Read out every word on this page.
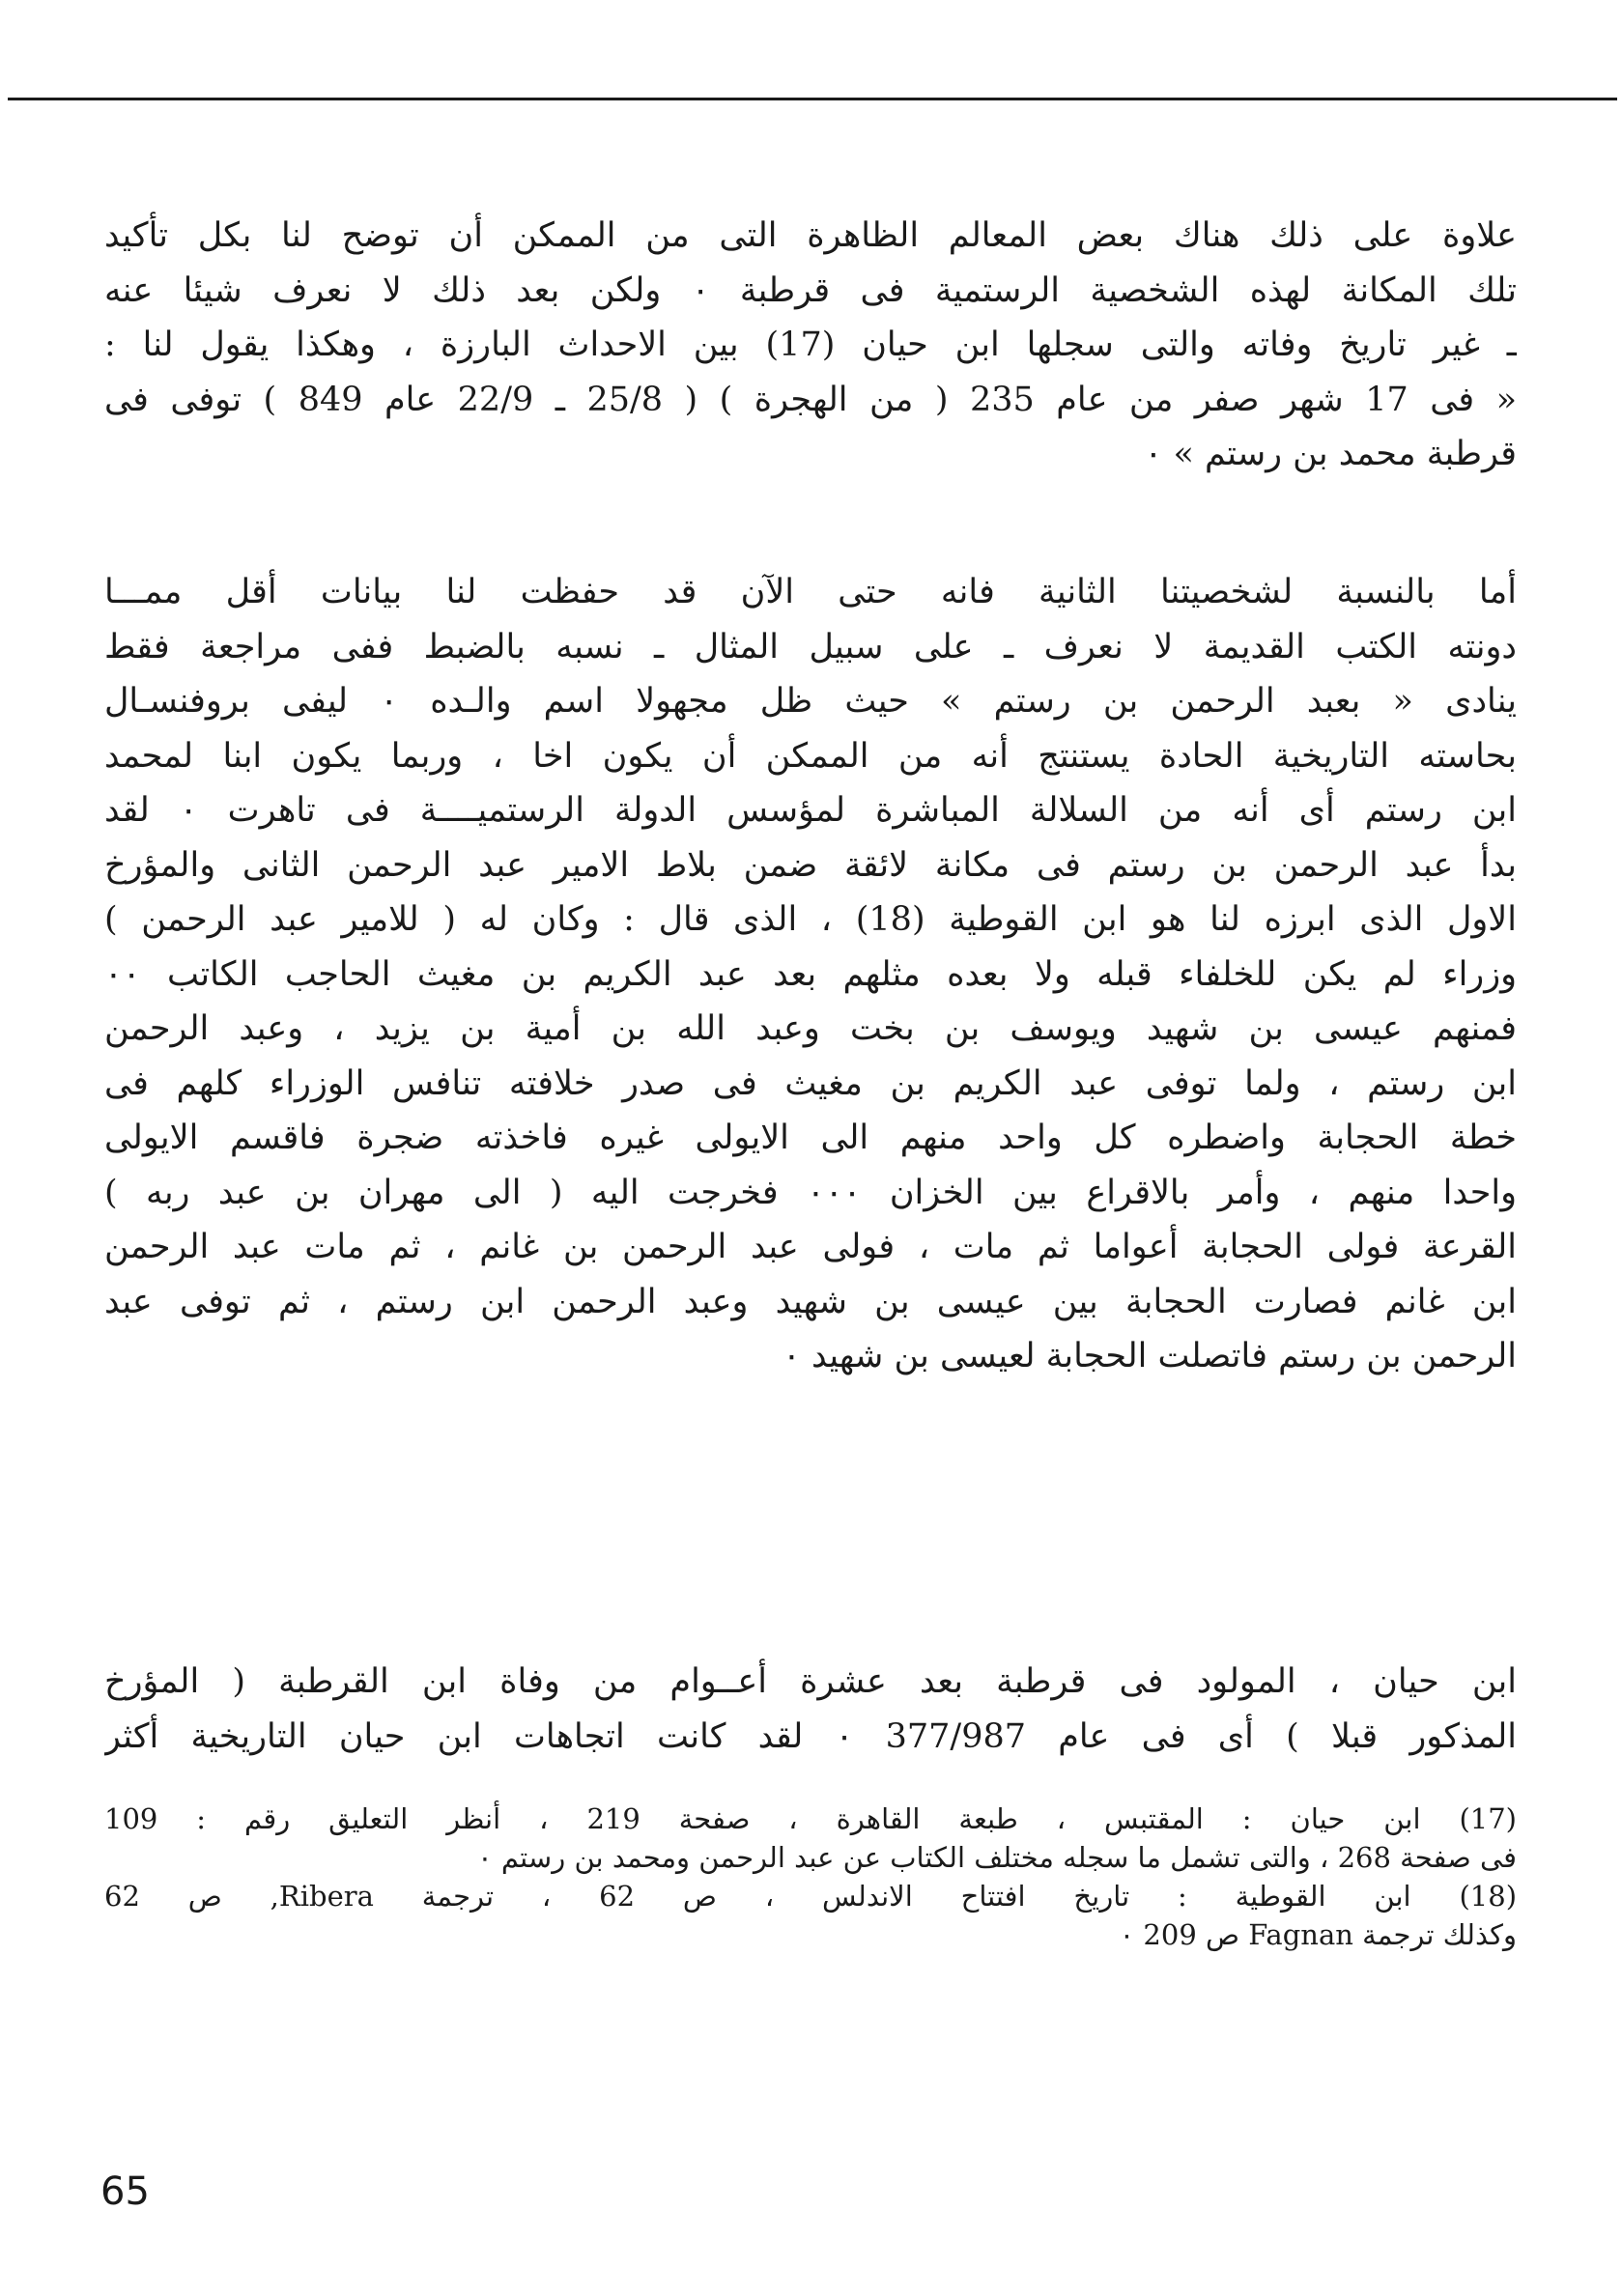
علاوة على ذلك هناك بعض المعالم الظاهرة التى من الممكن أن توضح لنا بكل تأكيد
تلك المكانة لهذه الشخصية الرستمية فى قرطبة ٠ ولكن بعد ذلك لا نعرف شيئا عنه
ـ غير تاريخ وفاته والتى سجلها ابن حيان (17) بين الاحداث البارزة ، وهكذا يقول لنا :
« فى 17 شهر صفر من عام 235 ( من الهجرة ) ( 25/8 ـ 22/9 عام 849 ) توفى فى
قرطبة محمد بن رستم » ٠
أما بالنسبة لشخصيتنا الثانية فانه حتى الآن قد حفظت لنا بيانات أقل ممـــا
دونته الكتب القديمة لا نعرف ـ على سبيل المثال ـ نسبه بالضبط ففى مراجعة فقط
ينادى « بعبد الرحمن بن رستم » حيث ظل مجهولا اسم والـده ٠ ليفى بروفنسـال
بحاسته التاريخية الحادة يستنتج أنه من الممكن أن يكون اخا ، وربما يكون ابنا لمحمد
ابن رستم أى أنه من السلالة المباشرة لمؤسس الدولة الرستميــــة فى تاهرت ٠ لقد
بدأ عبد الرحمن بن رستم فى مكانة لائقة ضمن بلاط الامير عبد الرحمن الثانى والمؤرخ
الاول الذى ابرزه لنا هو ابن القوطية (18) ، الذى قال : وكان له ( للامير عبد الرحمن )
وزراء لم يكن للخلفاء قبله ولا بعده مثلهم بعد عبد الكريم بن مغيث الحاجب الكاتب ٠٠
فمنهم عيسى بن شهيد ويوسف بن بخت وعبد الله بن أمية بن يزيد ، وعبد الرحمن
ابن رستم ، ولما توفى عبد الكريم بن مغيث فى صدر خلافته تنافس الوزراء كلهم فى
خطة الحجابة واضطره كل واحد منهم الى الايولى غيره فاخذته ضجرة فاقسم الايولى
واحدا منهم ، وأمر بالاقراع بين الخزان ٠٠٠ فخرجت اليه ( الى مهران بن عبد ربه )
القرعة فولى الحجابة أعواما ثم مات ، فولى عبد الرحمن بن غانم ، ثم مات عبد الرحمن
ابن غانم فصارت الحجابة بين عيسى بن شهيد وعبد الرحمن ابن رستم ، ثم توفى عبد
الرحمن بن رستم فاتصلت الحجابة لعيسى بن شهيد ٠
ابن حيان ، المولود فى قرطبة بعد عشرة أعــوام من وفاة ابن القرطبة ( المؤرخ
المذكور قبلا ) أى فى عام 377/987 ٠ لقد كانت اتجاهات ابن حيان التاريخية أكثر
(17) ابن حيان : المقتبس ، طبعة القاهرة ، صفحة 219 ، أنظر التعليق رقم : 109
فى صفحة 268 ، والتى تشمل ما سجله مختلف الكتاب عن عبد الرحمن ومحمد بن رستم ٠
(18) ابن القوطية : تاريخ افتتاح الاندلس ، ص 62 ، ترجمة Ribera, ص 62
وكذلك ترجمة Fagnan ص 209 ٠
65
